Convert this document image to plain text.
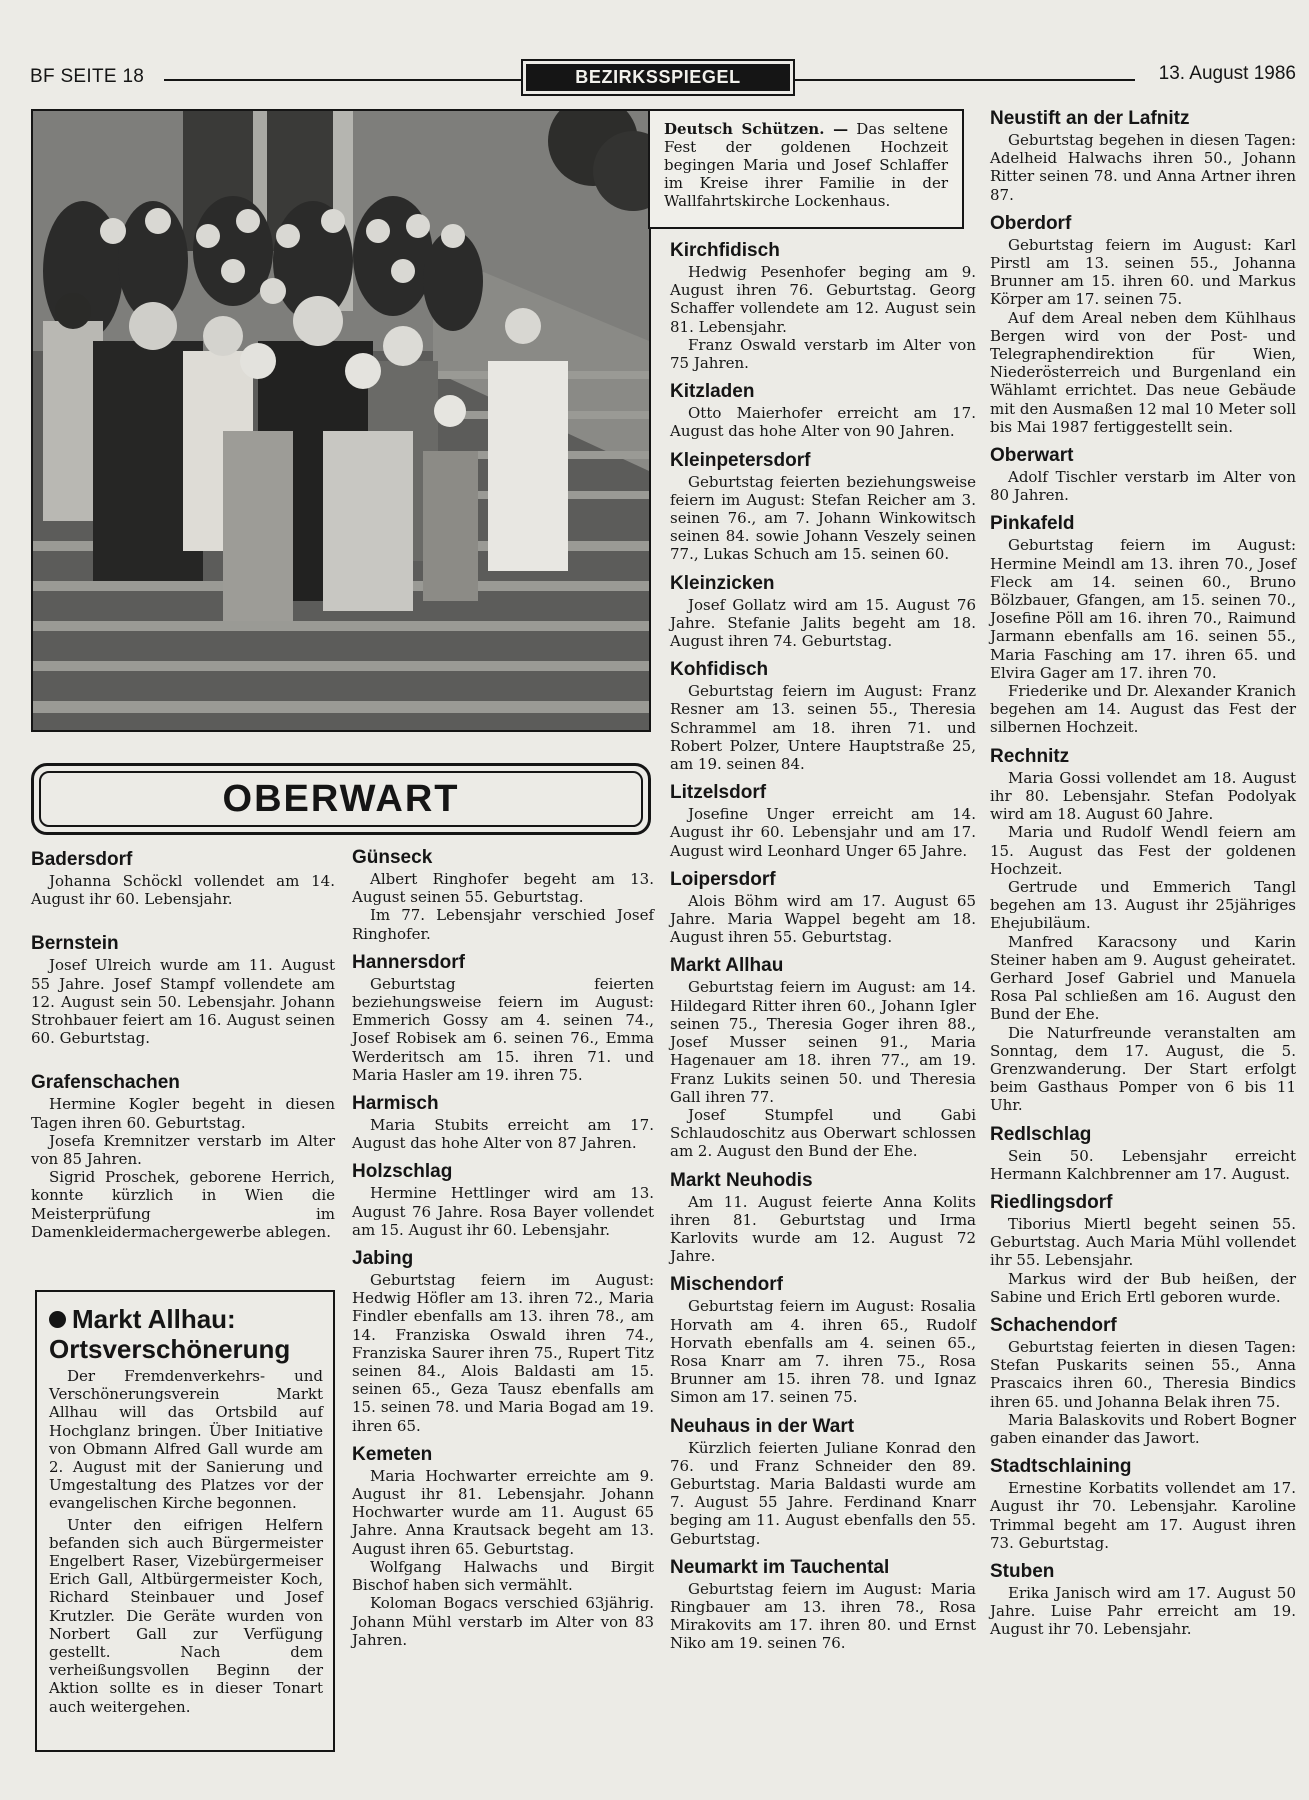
BF SEITE 18	BEZIRKSSPIEGEL	13. August 1986
Deutsch Schützen. — Das seltene Fest der goldenen Hochzeit begingen Maria und Josef Schlaffer im Kreise ihrer Familie in der Wallfahrtskirche Lockenhaus.
OBERWART
Badersdorf

Johanna Schöckl vollendet am 14. August ihr 60. Lebensjahr.

Bernstein

Josef Ulreich wurde am 11. August 55 Jahre. Josef Stampf vollendete am 12. August sein 50. Lebensjahr. Johann Strohbauer feiert am 16. August seinen 60. Geburtstag.

Grafenschachen

Hermine Kogler begeht in diesen Tagen ihren 60. Geburtstag.

Josefa Kremnitzer verstarb im Alter von 85 Jahren.

Sigrid Proschek, geborene Herrich, konnte kürzlich in Wien die Meisterprüfung im Damenkleidermachergewerbe ablegen.

Markt Allhau:
Ortsverschönerung

Der Fremdenverkehrs- und Verschönerungsverein Markt Allhau will das Ortsbild auf Hochglanz bringen. Über Initiative von Obmann Alfred Gall wurde am 2. August mit der Sanierung und Umgestaltung des Platzes vor der evangelischen Kirche begonnen.

Unter den eifrigen Helfern befanden sich auch Bürgermeister Engelbert Raser, Vizebürgermeiser Erich Gall, Altbürgermeister Koch, Richard Steinbauer und Josef Krutzler. Die Geräte wurden von Norbert Gall zur Verfügung gestellt. Nach dem verheißungsvollen Beginn der Aktion sollte es in dieser Tonart auch weitergehen.

Günseck

Albert Ringhofer begeht am 13. August seinen 55. Geburtstag.

Im 77. Lebensjahr verschied Josef Ringhofer.

Hannersdorf

Geburtstag feierten beziehungsweise feiern im August: Emmerich Gossy am 4. seinen 74., Josef Robisek am 6. seinen 76., Emma Werderitsch am 15. ihren 71. und Maria Hasler am 19. ihren 75.

Harmisch

Maria Stubits erreicht am 17. August das hohe Alter von 87 Jahren.

Holzschlag

Hermine Hettlinger wird am 13. August 76 Jahre. Rosa Bayer vollendet am 15. August ihr 60. Lebensjahr.

Jabing

Geburtstag feiern im August: Hedwig Höfler am 13. ihren 72., Maria Findler ebenfalls am 13. ihren 78., am 14. Franziska Oswald ihren 74., Franziska Saurer ihren 75., Rupert Titz seinen 84., Alois Baldasti am 15. seinen 65., Geza Tausz ebenfalls am 15. seinen 78. und Maria Bogad am 19. ihren 65.

Kemeten

Maria Hochwarter erreichte am 9. August ihr 81. Lebensjahr. Johann Hochwarter wurde am 11. August 65 Jahre. Anna Krautsack begeht am 13. August ihren 65. Geburtstag.

Wolfgang Halwachs und Birgit Bischof haben sich vermählt.

Koloman Bogacs verschied 63jährig. Johann Mühl verstarb im Alter von 83 Jahren.

Kirchfidisch

Hedwig Pesenhofer beging am 9. August ihren 76. Geburtstag. Georg Schaffer vollendete am 12. August sein 81. Lebensjahr.

Franz Oswald verstarb im Alter von 75 Jahren.

Kitzladen

Otto Maierhofer erreicht am 17. August das hohe Alter von 90 Jahren.

Kleinpetersdorf

Geburtstag feierten beziehungsweise feiern im August: Stefan Reicher am 3. seinen 76., am 7. Johann Winkowitsch seinen 84. sowie Johann Veszely seinen 77., Lukas Schuch am 15. seinen 60.

Kleinzicken

Josef Gollatz wird am 15. August 76 Jahre. Stefanie Jalits begeht am 18. August ihren 74. Geburtstag.

Kohfidisch

Geburtstag feiern im August: Franz Resner am 13. seinen 55., Theresia Schrammel am 18. ihren 71. und Robert Polzer, Untere Hauptstraße 25, am 19. seinen 84.

Litzelsdorf

Josefine Unger erreicht am 14. August ihr 60. Lebensjahr und am 17. August wird Leonhard Unger 65 Jahre.

Loipersdorf

Alois Böhm wird am 17. August 65 Jahre. Maria Wappel begeht am 18. August ihren 55. Geburtstag.

Markt Allhau

Geburtstag feiern im August: am 14. Hildegard Ritter ihren 60., Johann Igler seinen 75., Theresia Goger ihren 88., Josef Musser seinen 91., Maria Hagenauer am 18. ihren 77., am 19. Franz Lukits seinen 50. und Theresia Gall ihren 77.

Josef Stumpfel und Gabi Schlaudoschitz aus Oberwart schlossen am 2. August den Bund der Ehe.

Markt Neuhodis

Am 11. August feierte Anna Kolits ihren 81. Geburtstag und Irma Karlovits wurde am 12. August 72 Jahre.

Mischendorf

Geburtstag feiern im August: Rosalia Horvath am 4. ihren 65., Rudolf Horvath ebenfalls am 4. seinen 65., Rosa Knarr am 7. ihren 75., Rosa Brunner am 15. ihren 78. und Ignaz Simon am 17. seinen 75.

Neuhaus in der Wart

Kürzlich feierten Juliane Konrad den 76. und Franz Schneider den 89. Geburtstag. Maria Baldasti wurde am 7. August 55 Jahre. Ferdinand Knarr beging am 11. August ebenfalls den 55. Geburtstag.

Neumarkt im Tauchental

Geburtstag feiern im August: Maria Ringbauer am 13. ihren 78., Rosa Mirakovits am 17. ihren 80. und Ernst Niko am 19. seinen 76.

Neustift an der Lafnitz

Geburtstag begehen in diesen Tagen: Adelheid Halwachs ihren 50., Johann Ritter seinen 78. und Anna Artner ihren 87.

Oberdorf

Geburtstag feiern im August: Karl Pirstl am 13. seinen 55., Johanna Brunner am 15. ihren 60. und Markus Körper am 17. seinen 75.

Auf dem Areal neben dem Kühlhaus Bergen wird von der Post- und Telegraphendirektion für Wien, Niederösterreich und Burgenland ein Wählamt errichtet. Das neue Gebäude mit den Ausmaßen 12 mal 10 Meter soll bis Mai 1987 fertiggestellt sein.

Oberwart

Adolf Tischler verstarb im Alter von 80 Jahren.

Pinkafeld

Geburtstag feiern im August: Hermine Meindl am 13. ihren 70., Josef Fleck am 14. seinen 60., Bruno Bölzbauer, Gfangen, am 15. seinen 70., Josefine Pöll am 16. ihren 70., Raimund Jarmann ebenfalls am 16. seinen 55., Maria Fasching am 17. ihren 65. und Elvira Gager am 17. ihren 70.

Friederike und Dr. Alexander Kranich begehen am 14. August das Fest der silbernen Hochzeit.

Rechnitz

Maria Gossi vollendet am 18. August ihr 80. Lebensjahr. Stefan Podolyak wird am 18. August 60 Jahre.

Maria und Rudolf Wendl feiern am 15. August das Fest der goldenen Hochzeit.

Gertrude und Emmerich Tangl begehen am 13. August ihr 25jähriges Ehejubiläum.

Manfred Karacsony und Karin Steiner haben am 9. August geheiratet. Gerhard Josef Gabriel und Manuela Rosa Pal schließen am 16. August den Bund der Ehe.

Die Naturfreunde veranstalten am Sonntag, dem 17. August, die 5. Grenzwanderung. Der Start erfolgt beim Gasthaus Pomper von 6 bis 11 Uhr.

Redlschlag

Sein 50. Lebensjahr erreicht Hermann Kalchbrenner am 17. August.

Riedlingsdorf

Tiborius Miertl begeht seinen 55. Geburtstag. Auch Maria Mühl vollendet ihr 55. Lebensjahr.

Markus wird der Bub heißen, der Sabine und Erich Ertl geboren wurde.

Schachendorf

Geburtstag feierten in diesen Tagen: Stefan Puskarits seinen 55., Anna Prascaics ihren 60., Theresia Bindics ihren 65. und Johanna Belak ihren 75.

Maria Balaskovits und Robert Bogner gaben einander das Jawort.

Stadtschlaining

Ernestine Korbatits vollendet am 17. August ihr 70. Lebensjahr. Karoline Trimmal begeht am 17. August ihren 73. Geburtstag.

Stuben

Erika Janisch wird am 17. August 50 Jahre. Luise Pahr erreicht am 19. August ihr 70. Lebensjahr.
